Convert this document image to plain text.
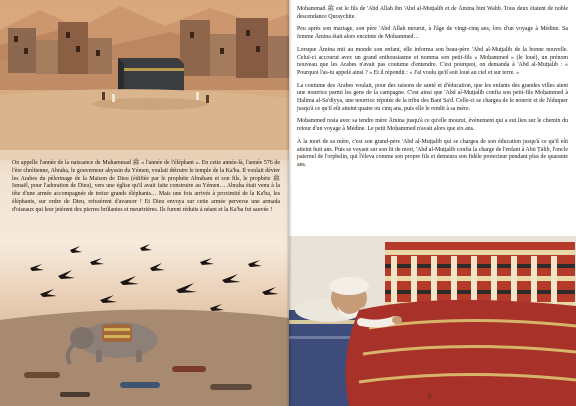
On appelle l'année de la naissance de Muhammad ﷺ « l'année de l'éléphant ». En cette année-là, l'année 576 de l'ère chrétienne, Abraha, le gouverneur abyssin du Yémen, voulait détruire le temple de la Ka'ba. Il voulait dévier les Arabes du pèlerinage de la Maison de Dieu (édifiée par le prophète Abraham et son fils, le prophète ﷺ Ismaël, pour l'adoration de Dieu), vers une église qu'il avait faite construire au Yémen… Abraha était venu à la tête d'une armée accompagnée de treize grands éléphants… Mais une fois arrivés à proximité de la Ka'ba, les éléphants, sur ordre de Dieu, refusèrent d'avancer ! Et Dieu envoya sur cette armée perverse une armada d'oiseaux qui leur jetèrent des pierres brûlantes et meurtrières. Ils furent réduits à néant et la Ka'ba fut sauvée !

Mohammad ﷺ est le fils de 'Abd Allah ibn 'Abd al-Muṭṭalib et de Āmina bint Wahb. Tous deux étaient de noble descendance Quraychite.

Peu après son mariage, son père 'Abd Allah mourut, à l'âge de vingt-cinq ans, lors d'un voyage à Médine. Sa femme Āmina était alors enceinte de Mohammed…

Lorsque Āmina mit au monde son enfant, elle informa son beau-père 'Abd al-Muṭṭalib de la bonne nouvelle. Celui-ci accourut avec un grand enthousiasme et nomma son petit-fils « Moḥammed » (le loué), un prénom nouveau que les Arabes n'avait pas coutume d'entendre. C'est pourquoi, on demanda à 'Abd al-Muṭṭalib : « Pourquoi l'as-tu appelé ainsi ? » Et il répondit : « J'ai voulu qu'il soit loué au ciel et sur terre. »

La coutume des Arabes voulait, pour des raisons de santé et d'éducation, que les enfants des grandes villes aient une nourrice parmi les gens de la campagne. C'est ainsi que 'Abd al-Muṭṭalib confia son petit-fils Moḥammed à Ḥalīma al-Sa'diyya, une nourrice réputée de la tribu des Banī Sa'd. Celle-ci se chargea de le nourrir et de l'éduquer jusqu'à ce qu'il eût atteint quatre ou cinq ans, puis elle le rendit à sa mère.

Moḥammed resta avec sa tendre mère Āmina jusqu'à ce qu'elle mourut, évènement qui a eut lieu sur le chemin du retour d'un voyage à Médine. Le petit Moḥammed n'avait alors que six ans.

À la mort de sa mère, c'est son grand-père 'Abd al-Muṭṭalib qui se chargea de son éducation jusqu'à ce qu'il eût atteint huit ans. Puis se voyant sur son lit de mort, 'Abd al-Muṭṭalib confia la charge de l'enfant à Abū Ṭālib, l'oncle paternel de l'orphelin, qui l'éleva comme son propre fils et demeura son fidèle protecteur pendant plus de quarante ans.

5
